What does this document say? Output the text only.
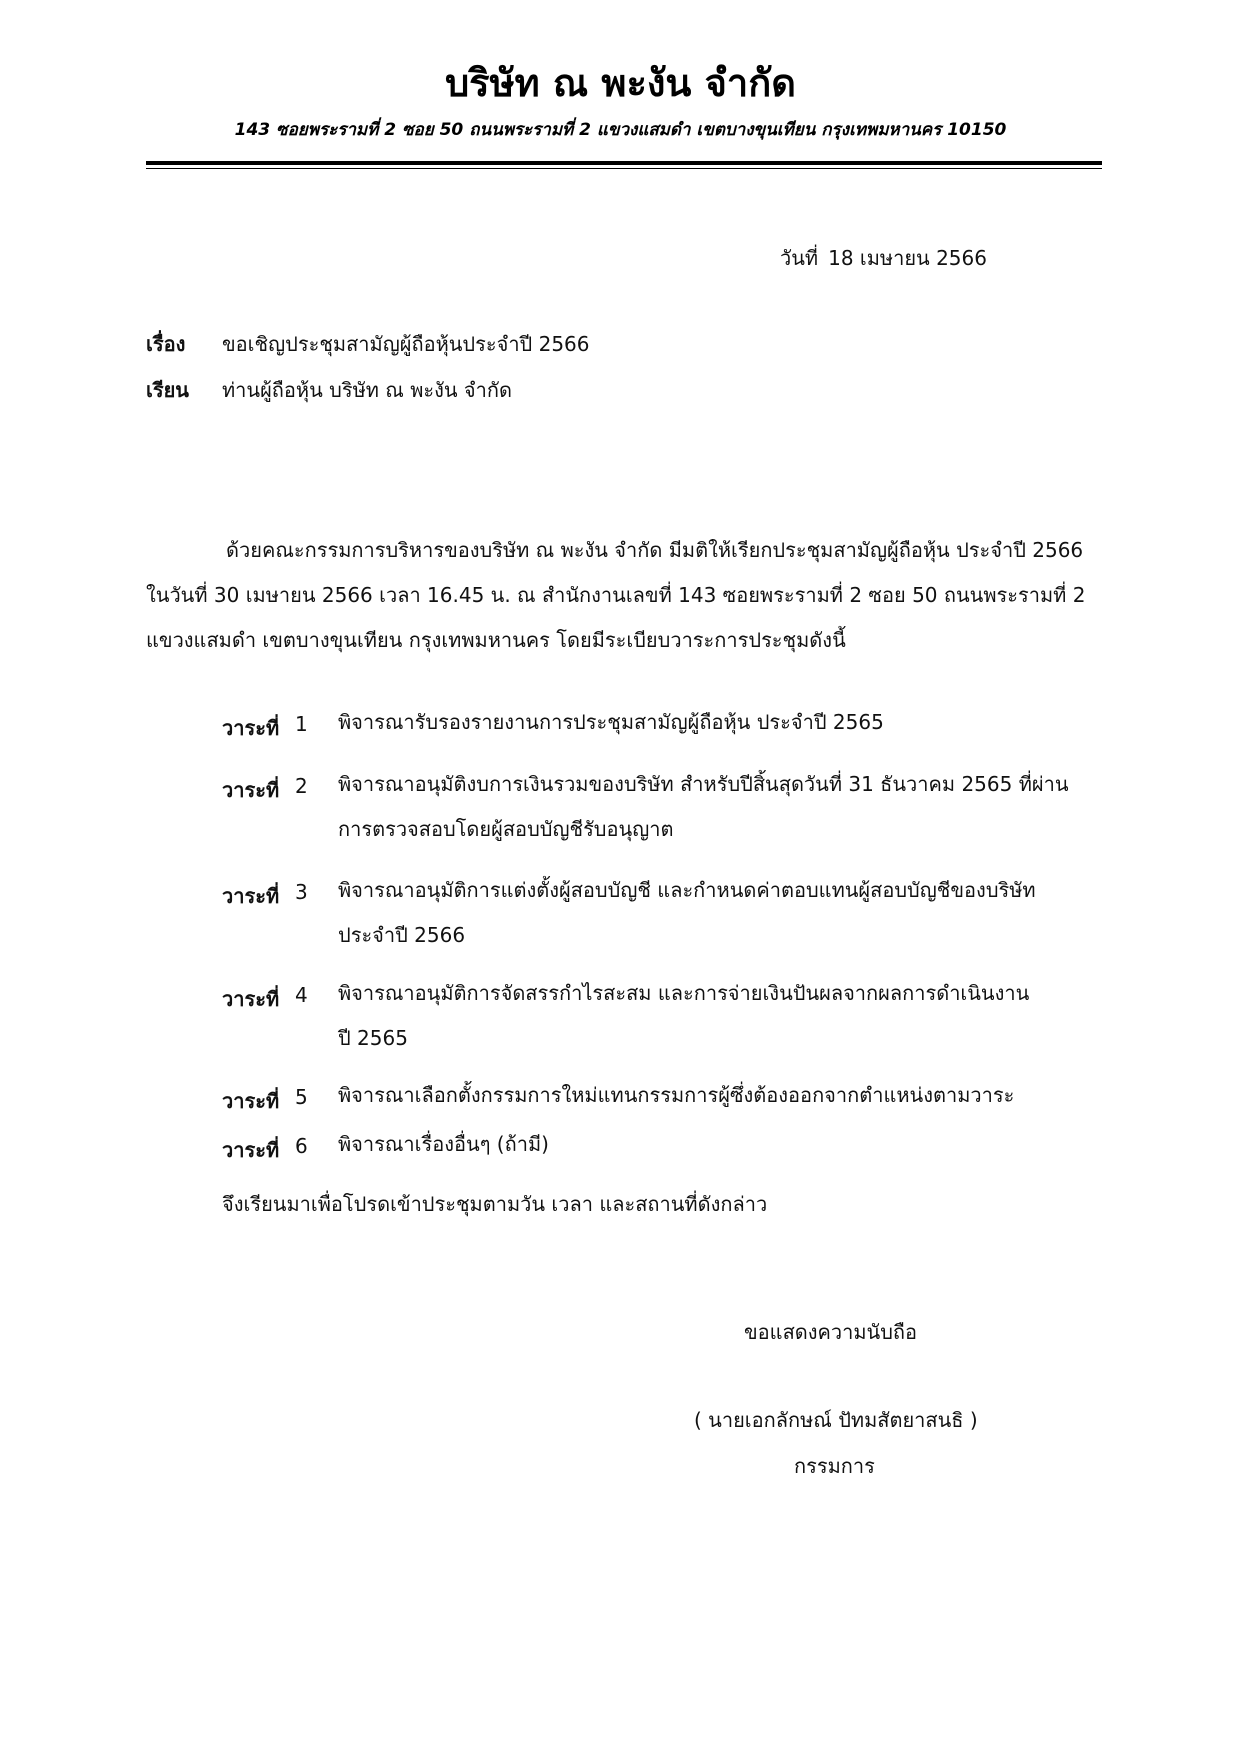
บริษัท ณ พะงัน จำกัด
143 ซอยพระรามที่ 2 ซอย 50 ถนนพระรามที่ 2 แขวงแสมดำ เขตบางขุนเทียน กรุงเทพมหานคร 10150
วันที่ 18 เมษายน 2566
เรื่อง ขอเชิญประชุมสามัญผู้ถือหุ้นประจำปี 2566
เรียน ท่านผู้ถือหุ้น บริษัท ณ พะงัน จำกัด
ด้วยคณะกรรมการบริหารของบริษัท ณ พะงัน จำกัด มีมติให้เรียกประชุมสามัญผู้ถือหุ้น ประจำปี 2566
ในวันที่ 30 เมษายน 2566 เวลา 16.45 น. ณ สำนักงานเลขที่ 143 ซอยพระรามที่ 2 ซอย 50 ถนนพระรามที่ 2
แขวงแสมดำ เขตบางขุนเทียน กรุงเทพมหานคร โดยมีระเบียบวาระการประชุมดังนี้
วาระที่ 1 พิจารณารับรองรายงานการประชุมสามัญผู้ถือหุ้น ประจำปี 2565
วาระที่ 2 พิจารณาอนุมัติงบการเงินรวมของบริษัท สำหรับปีสิ้นสุดวันที่ 31 ธันวาคม 2565 ที่ผ่าน
การตรวจสอบโดยผู้สอบบัญชีรับอนุญาต
วาระที่ 3 พิจารณาอนุมัติการแต่งตั้งผู้สอบบัญชี และกำหนดค่าตอบแทนผู้สอบบัญชีของบริษัท
ประจำปี 2566
วาระที่ 4 พิจารณาอนุมัติการจัดสรรกำไรสะสม และการจ่ายเงินปันผลจากผลการดำเนินงาน
ปี 2565
วาระที่ 5 พิจารณาเลือกตั้งกรรมการใหม่แทนกรรมการผู้ซึ่งต้องออกจากตำแหน่งตามวาระ
วาระที่ 6 พิจารณาเรื่องอื่นๆ (ถ้ามี)
จึงเรียนมาเพื่อโปรดเข้าประชุมตามวัน เวลา และสถานที่ดังกล่าว
ขอแสดงความนับถือ
( นายเอกลักษณ์ ปัทมสัตยาสนธิ )
กรรมการ
